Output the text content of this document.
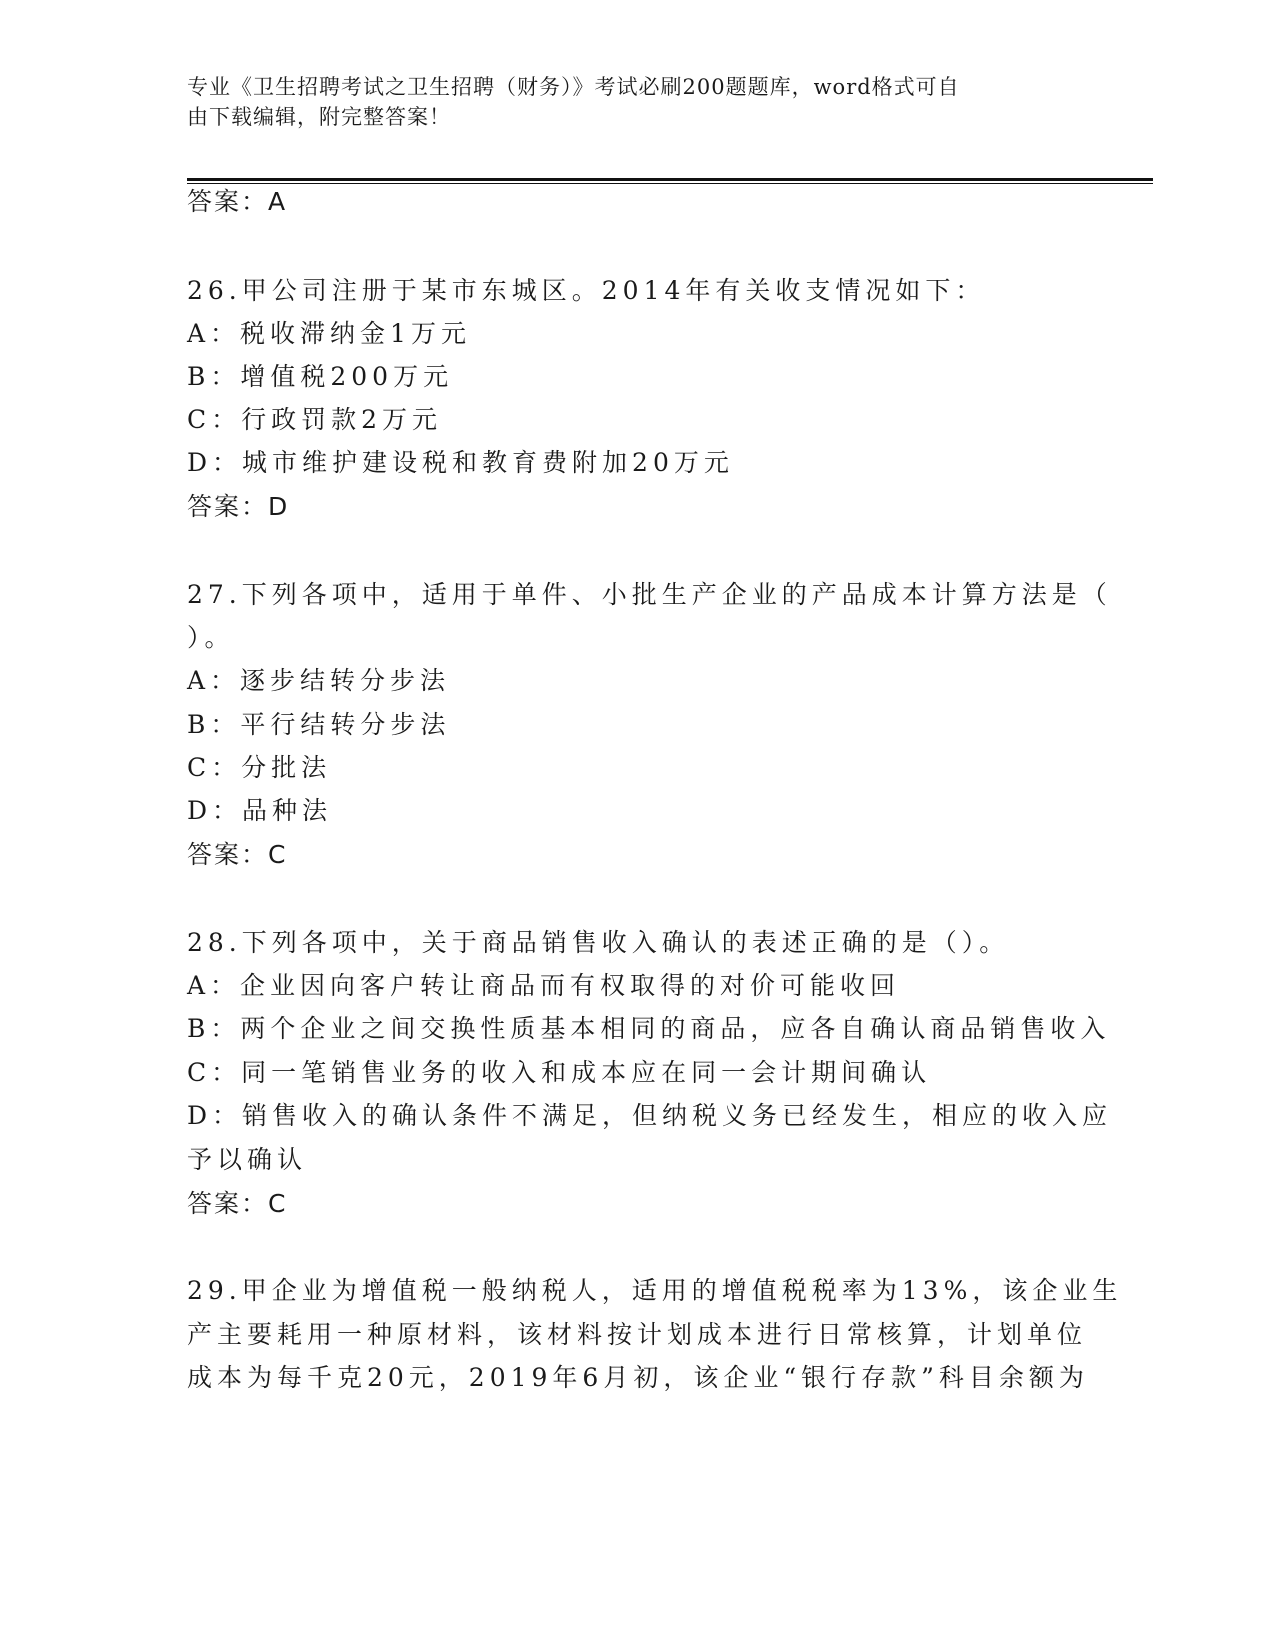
专业《卫生招聘考试之卫生招聘（财务）》考试必刷200题题库，word格式可自
由下载编辑，附完整答案！
答案：A
26.甲公司注册于某市东城区。2014年有关收支情况如下：
A：税收滞纳金1万元
B：增值税200万元
C：行政罚款2万元
D：城市维护建设税和教育费附加20万元
答案：D
27.下列各项中，适用于单件、小批生产企业的产品成本计算方法是（
）。
A：逐步结转分步法
B：平行结转分步法
C：分批法
D：品种法
答案：C
28.下列各项中，关于商品销售收入确认的表述正确的是（）。
A：企业因向客户转让商品而有权取得的对价可能收回
B：两个企业之间交换性质基本相同的商品，应各自确认商品销售收入
C：同一笔销售业务的收入和成本应在同一会计期间确认
D：销售收入的确认条件不满足，但纳税义务已经发生，相应的收入应
予以确认
答案：C
29.甲企业为增值税一般纳税人，适用的增值税税率为13%，该企业生
产主要耗用一种原材料，该材料按计划成本进行日常核算，计划单位
成本为每千克20元，2019年6月初，该企业“银行存款”科目余额为
